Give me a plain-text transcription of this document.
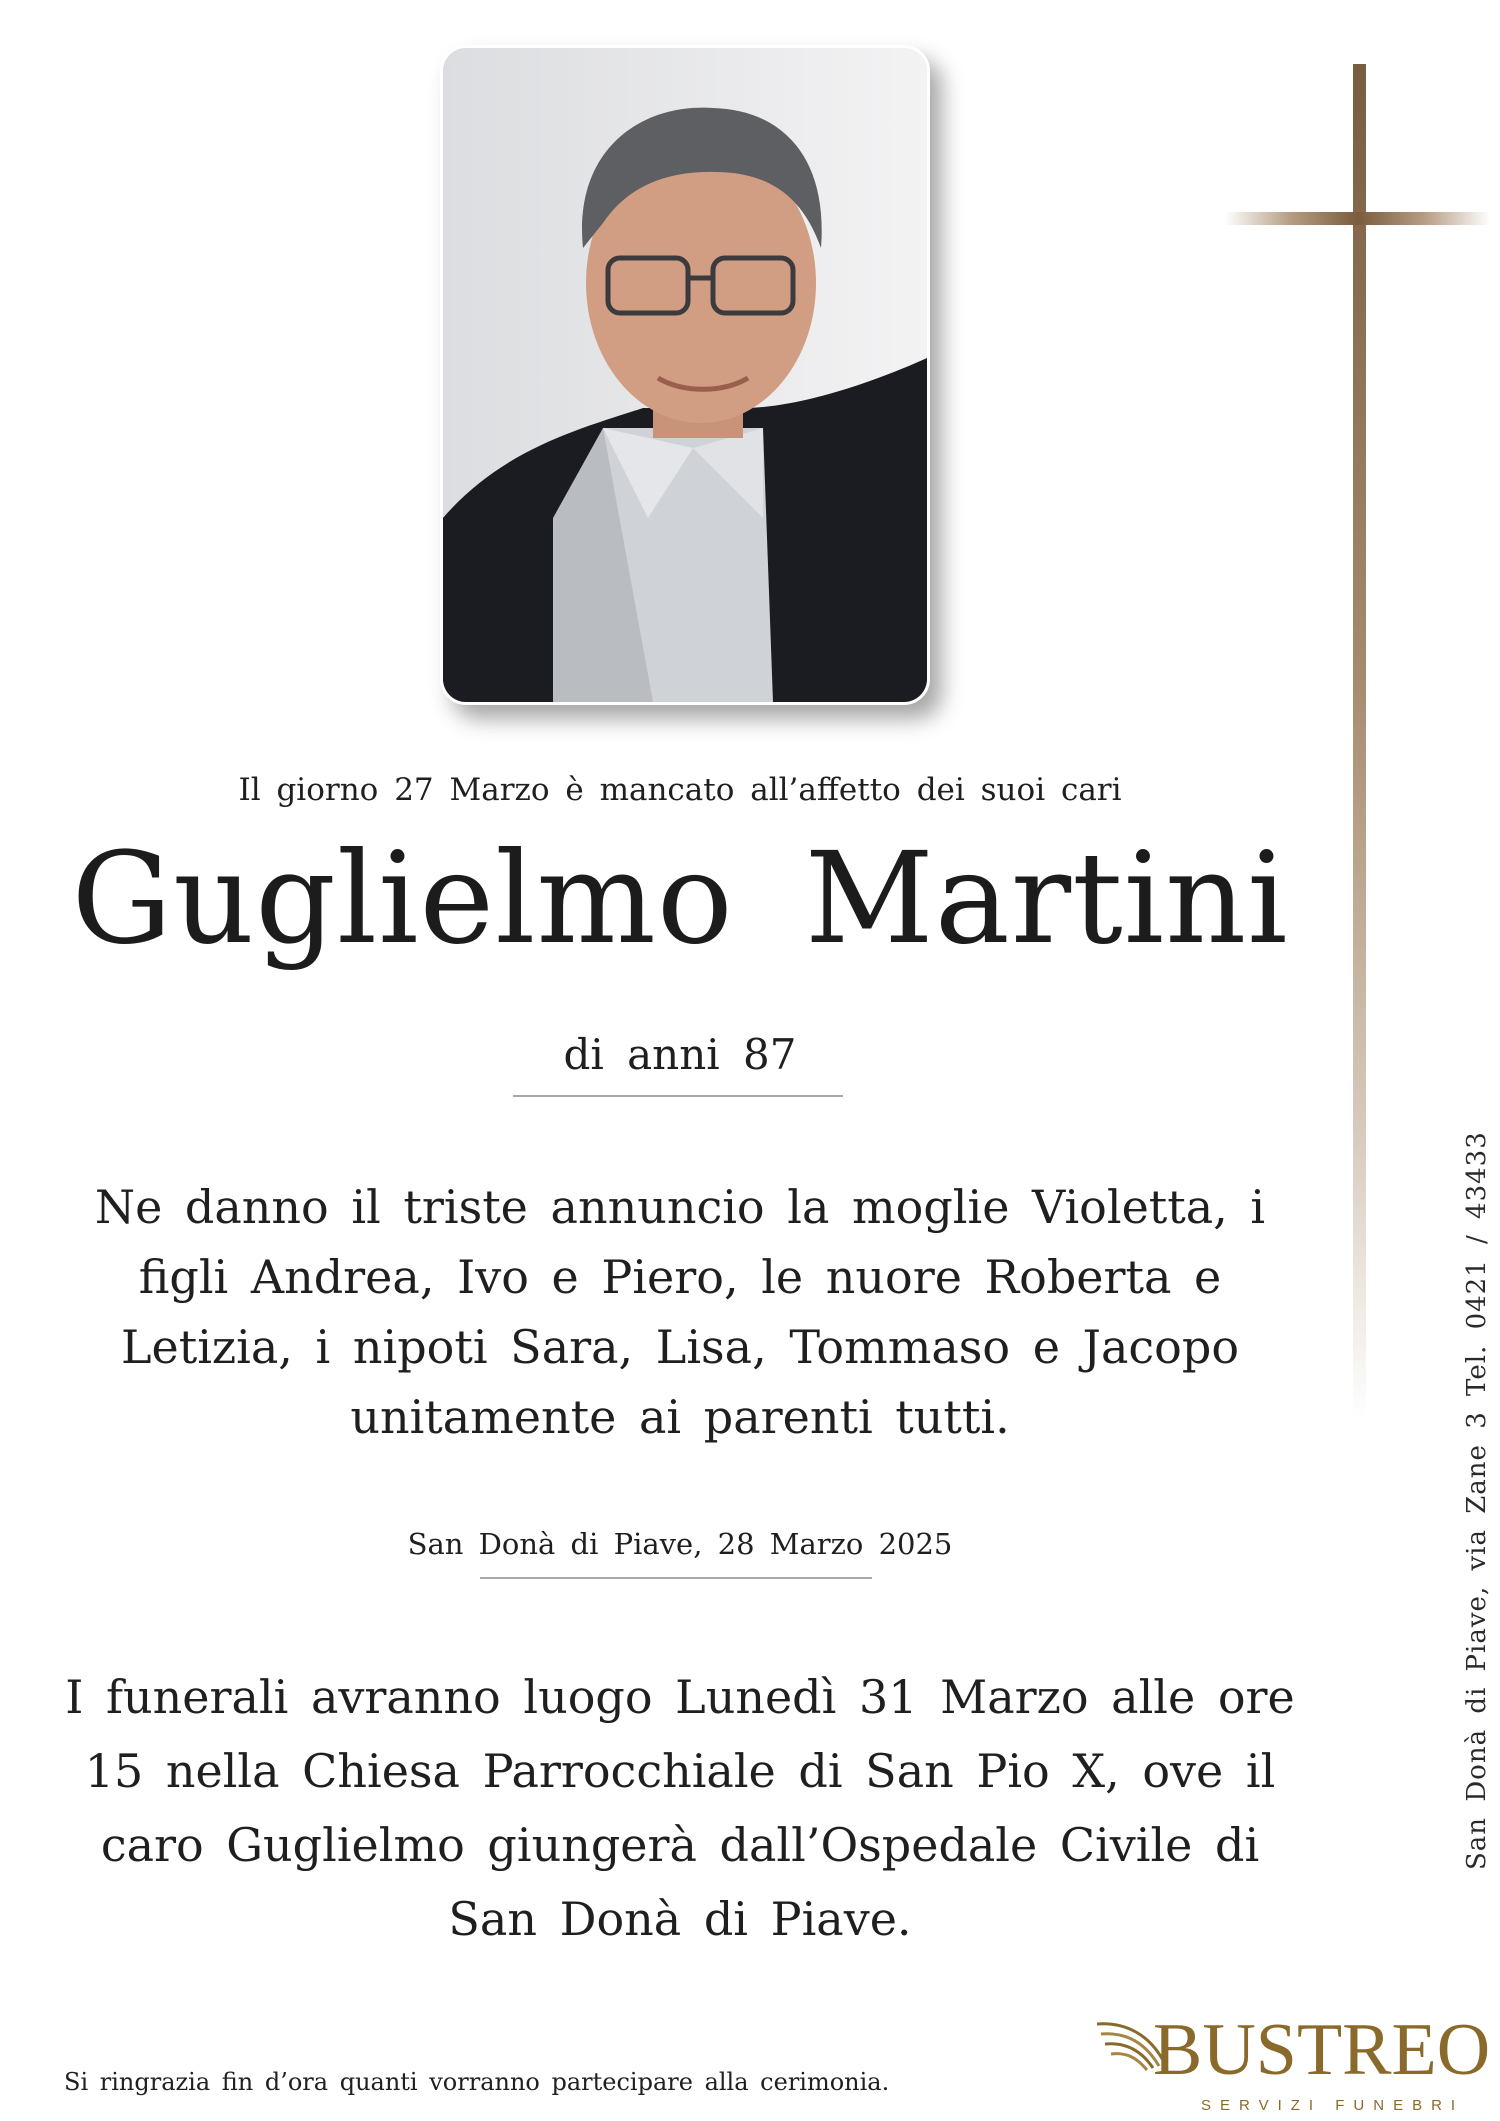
Il giorno 27 Marzo è mancato all’affetto dei suoi cari
Guglielmo Martini
di anni 87
Ne danno il triste annuncio la moglie Violetta, i figli Andrea, Ivo e Piero, le nuore Roberta e Letizia, i nipoti Sara, Lisa, Tommaso e Jacopo unitamente ai parenti tutti.
San Donà di Piave, 28 Marzo 2025
I funerali avranno luogo Lunedì 31 Marzo alle ore 15 nella Chiesa Parrocchiale di San Pio X, ove il caro Guglielmo giungerà dall’Ospedale Civile di San Donà di Piave.
Si ringrazia fin d’ora quanti vorranno partecipare alla cerimonia.
San Donà di Piave, via Zane 3 Tel. 0421 / 43433
BUSTREO
SERVIZI FUNEBRI
